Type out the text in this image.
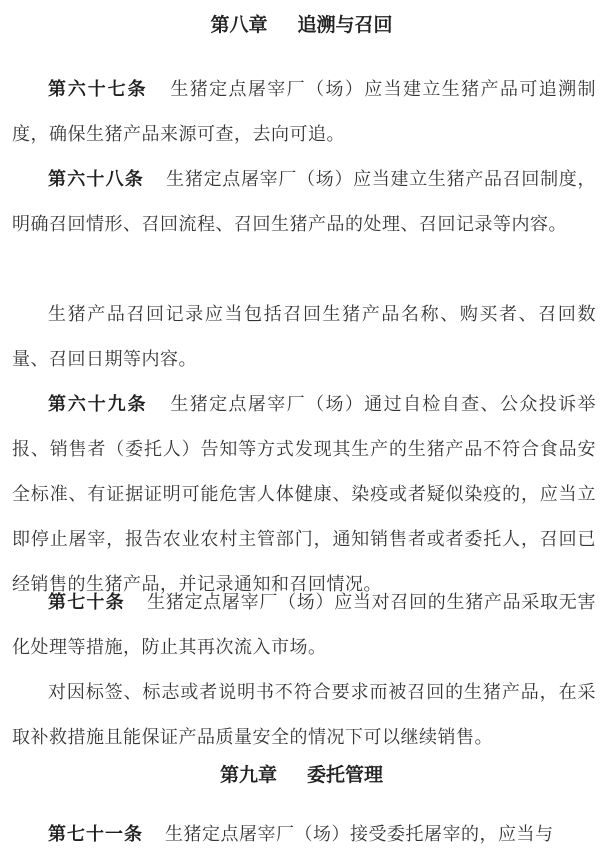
第八章 追溯与召回
第六十七条 生猪定点屠宰厂（场）应当建立生猪产品可追溯制度，确保生猪产品来源可查，去向可追。
第六十八条 生猪定点屠宰厂（场）应当建立生猪产品召回制度，明确召回情形、召回流程、召回生猪产品的处理、召回记录等内容。
生猪产品召回记录应当包括召回生猪产品名称、购买者、召回数量、召回日期等内容。
第六十九条 生猪定点屠宰厂（场）通过自检自查、公众投诉举报、销售者（委托人）告知等方式发现其生产的生猪产品不符合食品安全标准、有证据证明可能危害人体健康、染疫或者疑似染疫的，应当立即停止屠宰，报告农业农村主管部门，通知销售者或者委托人，召回已经销售的生猪产品，并记录通知和召回情况。
第七十条 生猪定点屠宰厂（场）应当对召回的生猪产品采取无害化处理等措施，防止其再次流入市场。
对因标签、标志或者说明书不符合要求而被召回的生猪产品，在采取补救措施且能保证产品质量安全的情况下可以继续销售。
第九章 委托管理
第七十一条 生猪定点屠宰厂（场）接受委托屠宰的，应当与
